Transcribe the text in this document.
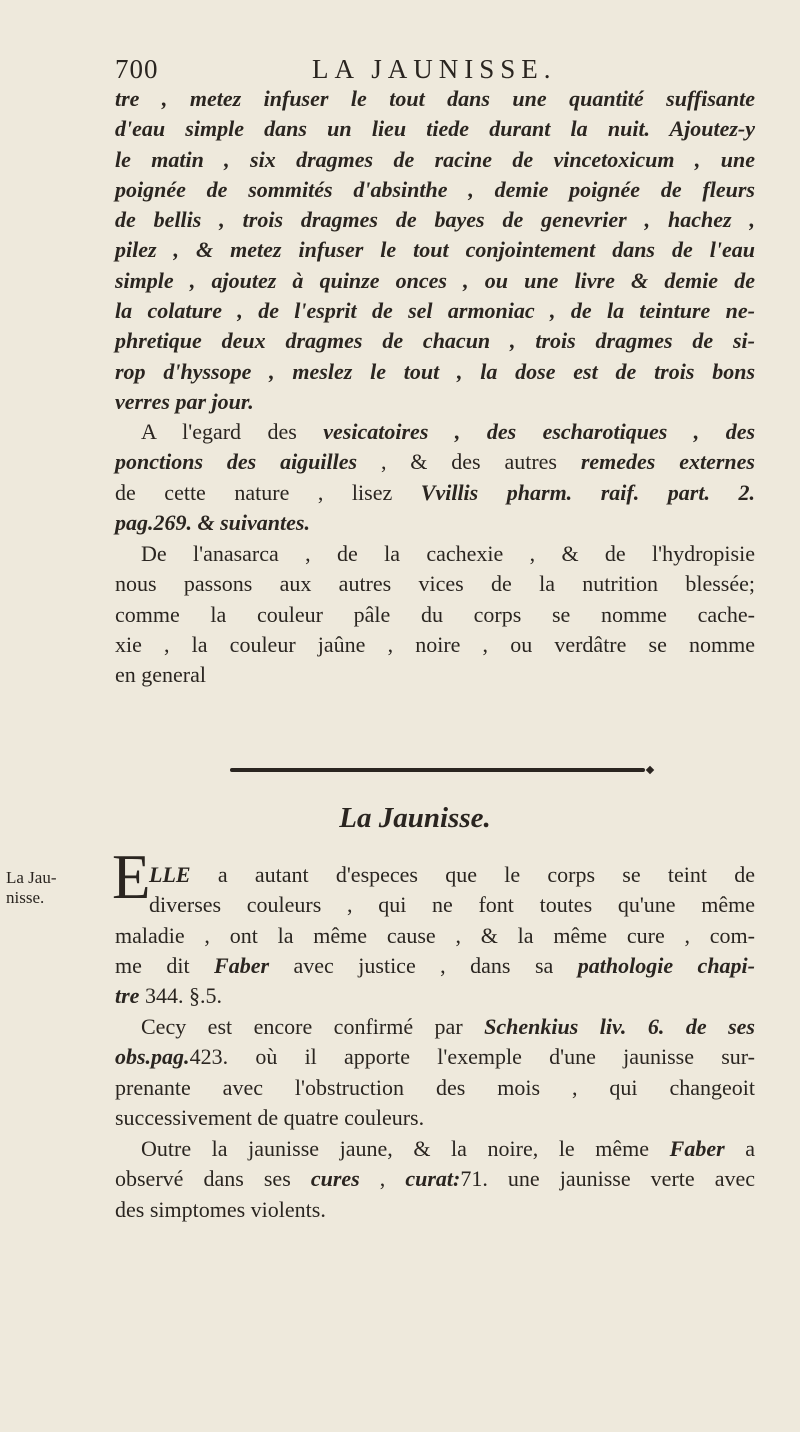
700	LA JAUNISSE.
tre , metez infuser le tout dans une quantité suffisante
d'eau simple dans un lieu tiede durant la nuit. Ajoutez-y
le matin , six dragmes de racine de vincetoxicum , une
poignée de sommités d'absinthe , demie poignée de fleurs
de bellis , trois dragmes de bayes de genevrier , hachez ,
pilez , & metez infuser le tout conjointement dans de l'eau
simple , ajoutez à quinze onces , ou une livre & demie de
la colature , de l'esprit de sel armoniac , de la teinture ne-
phretique deux dragmes de chacun , trois dragmes de si-
rop d'hyssope , meslez le tout , la dose est de trois bons
verres par jour.
A l'egard des vesicatoires , des escharotiques , des
ponctions des aiguilles , & des autres remedes externes
de cette nature , lisez Vvillis pharm. raif. part. 2.
pag.269. & suivantes.
De l'anasarca , de la cachexie , & de l'hydropisie
nous passons aux autres vices de la nutrition blessée;
comme la couleur pâle du corps se nomme cache-
xie , la couleur jaûne , noire , ou verdâtre se nomme
en general
La Jaunisse.
La Jau-nisse.	E
LLE a autant d'especes que le corps se teint de
diverses couleurs , qui ne font toutes qu'une même
maladie , ont la même cause , & la même cure , com-
me dit Faber avec justice , dans sa pathologie chapi-
tre 344. §.5.
Cecy est encore confirmé par Schenkius liv. 6. de ses
obs.pag.423. où il apporte l'exemple d'une jaunisse sur-
prenante avec l'obstruction des mois , qui changeoit
successivement de quatre couleurs.
Outre la jaunisse jaune, & la noire, le même Faber a
observé dans ses cures , curat:71. une jaunisse verte avec
des simptomes violents.
